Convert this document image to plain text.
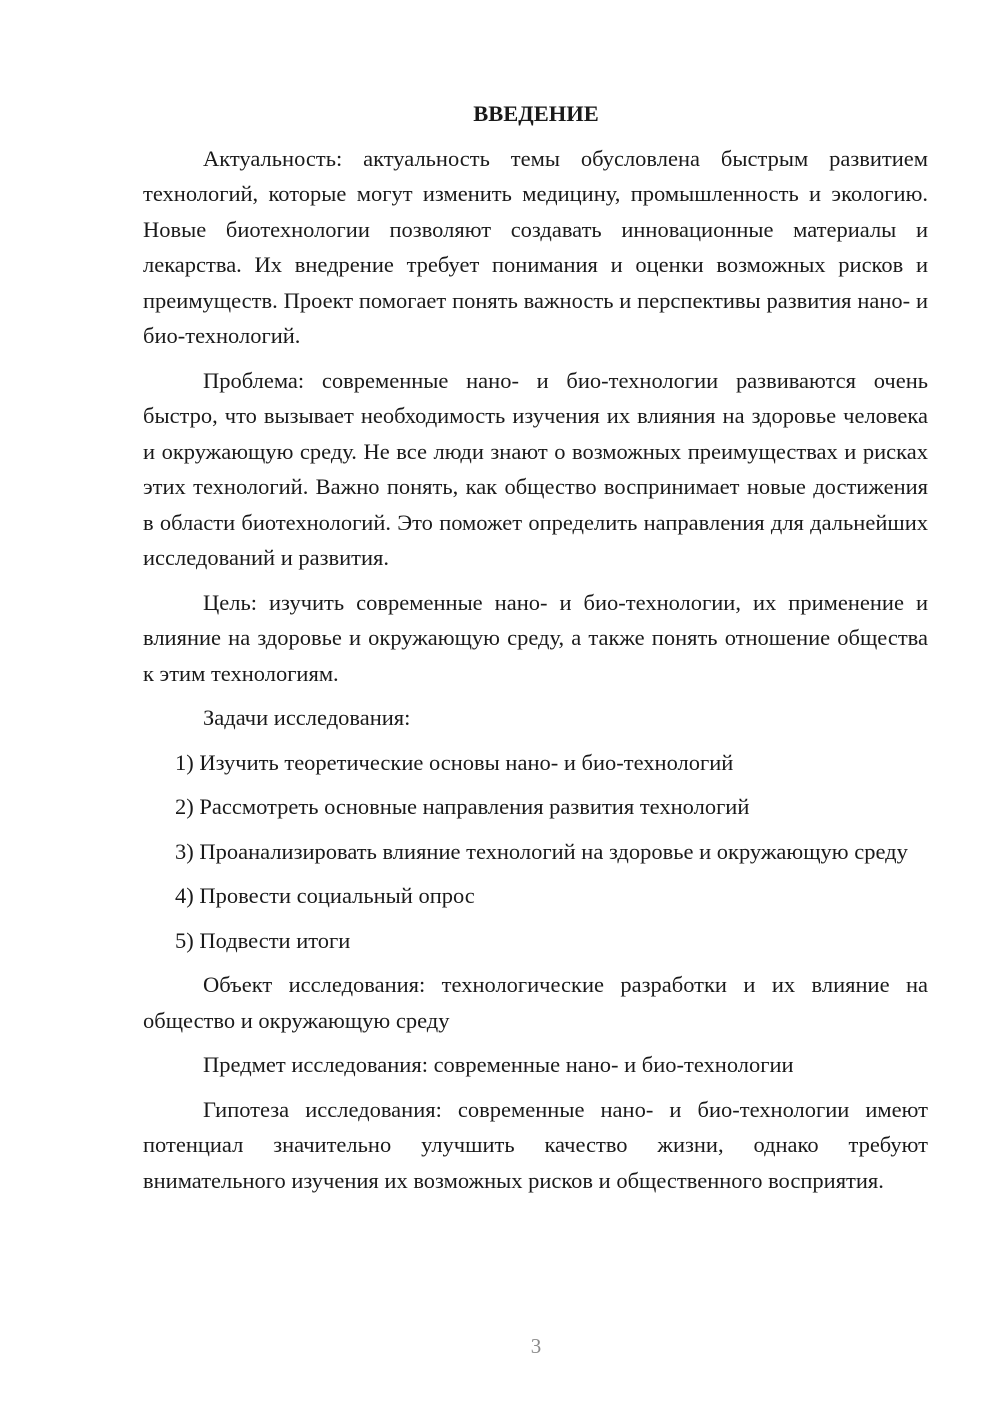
ВВЕДЕНИЕ

Актуальность: актуальность темы обусловлена быстрым развитием технологий, которые могут изменить медицину, промышленность и экологию. Новые биотехнологии позволяют создавать инновационные материалы и лекарства. Их внедрение требует понимания и оценки возможных рисков и преимуществ. Проект помогает понять важность и перспективы развития нано- и био-технологий.

Проблема: современные нано- и био-технологии развиваются очень быстро, что вызывает необходимость изучения их влияния на здоровье человека и окружающую среду. Не все люди знают о возможных преимуществах и рисках этих технологий. Важно понять, как общество воспринимает новые достижения в области биотехнологий. Это поможет определить направления для дальнейших исследований и развития.

Цель: изучить современные нано- и био-технологии, их применение и влияние на здоровье и окружающую среду, а также понять отношение общества к этим технологиям.

Задачи исследования:

1) Изучить теоретические основы нано- и био-технологий

2) Рассмотреть основные направления развития технологий

3) Проанализировать влияние технологий на здоровье и окружающую среду

4) Провести социальный опрос

5) Подвести итоги

Объект исследования: технологические разработки и их влияние на общество и окружающую среду

Предмет исследования: современные нано- и био-технологии

Гипотеза исследования: современные нано- и био-технологии имеют потенциал значительно улучшить качество жизни, однако требуют внимательного изучения их возможных рисков и общественного восприятия.

3
